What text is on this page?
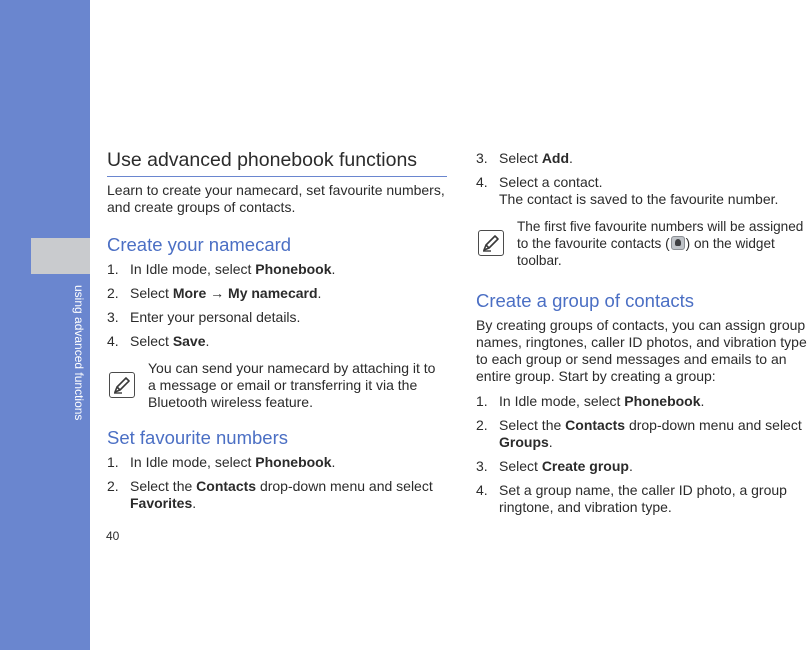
using advanced functions
40
Use advanced phonebook functions

Learn to create your namecard, set favourite numbers, and create groups of contacts.

Create your namecard
1. In Idle mode, select Phonebook.
2. Select More → My namecard.
3. Enter your personal details.
4. Select Save.
You can send your namecard by attaching it to a message or email or transferring it via the Bluetooth wireless feature.
Set favourite numbers
1. In Idle mode, select Phonebook.
2. Select the Contacts drop-down menu and select Favorites.
3. Select Add.
4. Select a contact.
The contact is saved to the favourite number.
The first five favourite numbers will be assigned to the favourite contacts ( ) on the widget toolbar.
Create a group of contacts

By creating groups of contacts, you can assign group names, ringtones, caller ID photos, and vibration type to each group or send messages and emails to an entire group. Start by creating a group:

1. In Idle mode, select Phonebook.
2. Select the Contacts drop-down menu and select Groups.
3. Select Create group.
4. Set a group name, the caller ID photo, a group ringtone, and vibration type.
